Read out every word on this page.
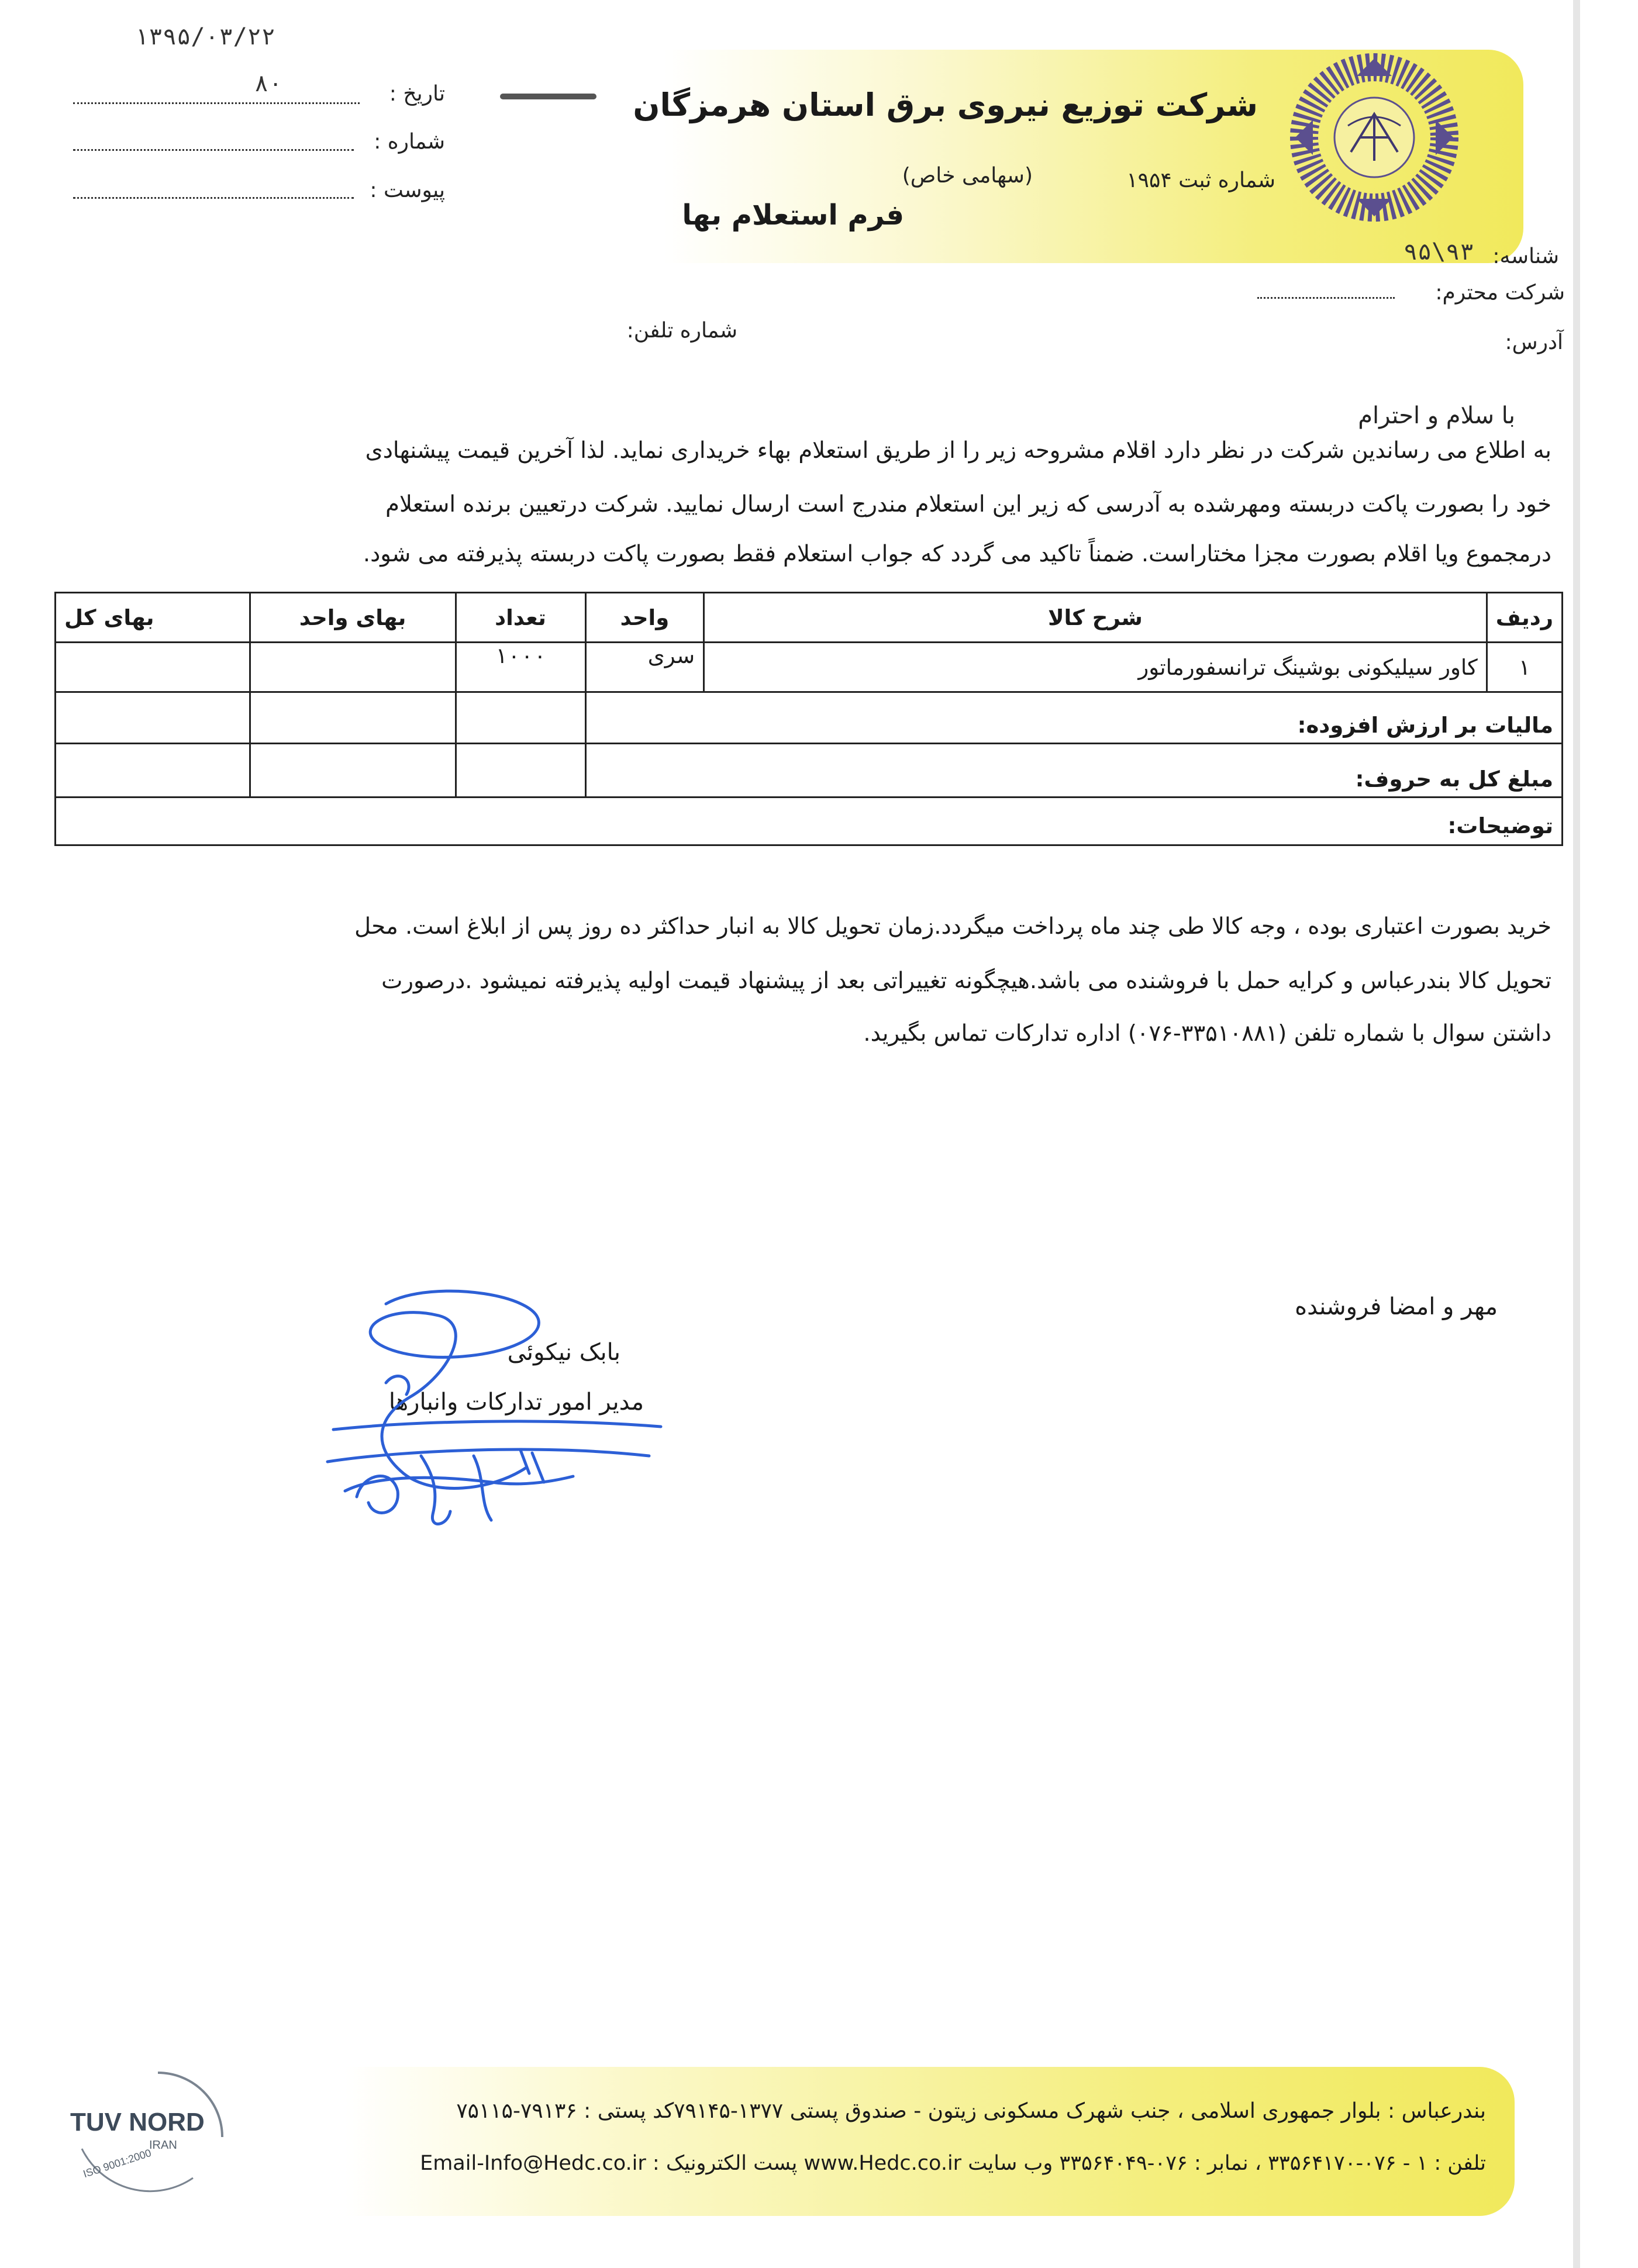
شرکت توزیع نیروی برق استان هرمزگان
(سهامی خاص)	شماره ثبت ۱۹۵۴
فرم استعلام بها
۱۳۹۵/۰۳/۲۲
۸۰	تاریخ :
شماره :
پیوست :
شناسه:
۹۵\۹۳
شرکت محترم:
آدرس:
شماره تلفن:
با سلام و احترام
به اطلاع می رساندین شرکت در نظر دارد اقلام مشروحه زیر را از طریق استعلام بهاء خریداری نماید. لذا آخرین قیمت پیشنهادی
خود را بصورت پاکت دربسته ومهرشده به آدرسی که زیر این استعلام مندرج است ارسال نمایید. شرکت درتعیین برنده استعلام
درمجموع ویا اقلام بصورت مجزا مختاراست. ضمناً تاکید می گردد که جواب استعلام فقط بصورت پاکت دربسته پذیرفته می شود.
ردیف	شرح کالا	واحد	تعداد	بهای واحد	بهای کل
۱	کاور سیلیکونی بوشینگ ترانسفورماتور	سری	۱۰۰۰		
مالیات بر ارزش افزوده:					
مبلغ کل به حروف:					
توضیحات:					
خرید بصورت اعتباری بوده ، وجه کالا طی چند ماه پرداخت میگردد.زمان تحویل کالا به انبار حداکثر ده روز پس از ابلاغ است. محل
تحویل کالا بندرعباس و کرایه حمل با فروشنده می باشد.هیچگونه تغییراتی بعد از پیشنهاد قیمت اولیه پذیرفته نمیشود .درصورت
داشتن سوال با شماره تلفن (۳۳۵۱۰۸۸۱-۰۷۶) اداره تدارکات تماس بگیرید.
مهر و امضا فروشنده
بابک نیکوئی
مدیر امور تدارکات وانبارها
بندرعباس : بلوار جمهوری اسلامی ، جنب شهرک مسکونی زیتون - صندوق پستی ۱۳۷۷-۷۹۱۴۵کد پستی : ۷۹۱۳۶-۷۵۱۱۵
تلفن : ۱ - ۰۷۶-۳۳۵۶۴۱۷۰ ، نمابر : ۰۷۶-۳۳۵۶۴۰۴۹ وب سایت www.Hedc.co.ir پست الکترونیک : Email-Info@Hedc.co.ir
TUV NORD
IRAN
ISO 9001:2000
